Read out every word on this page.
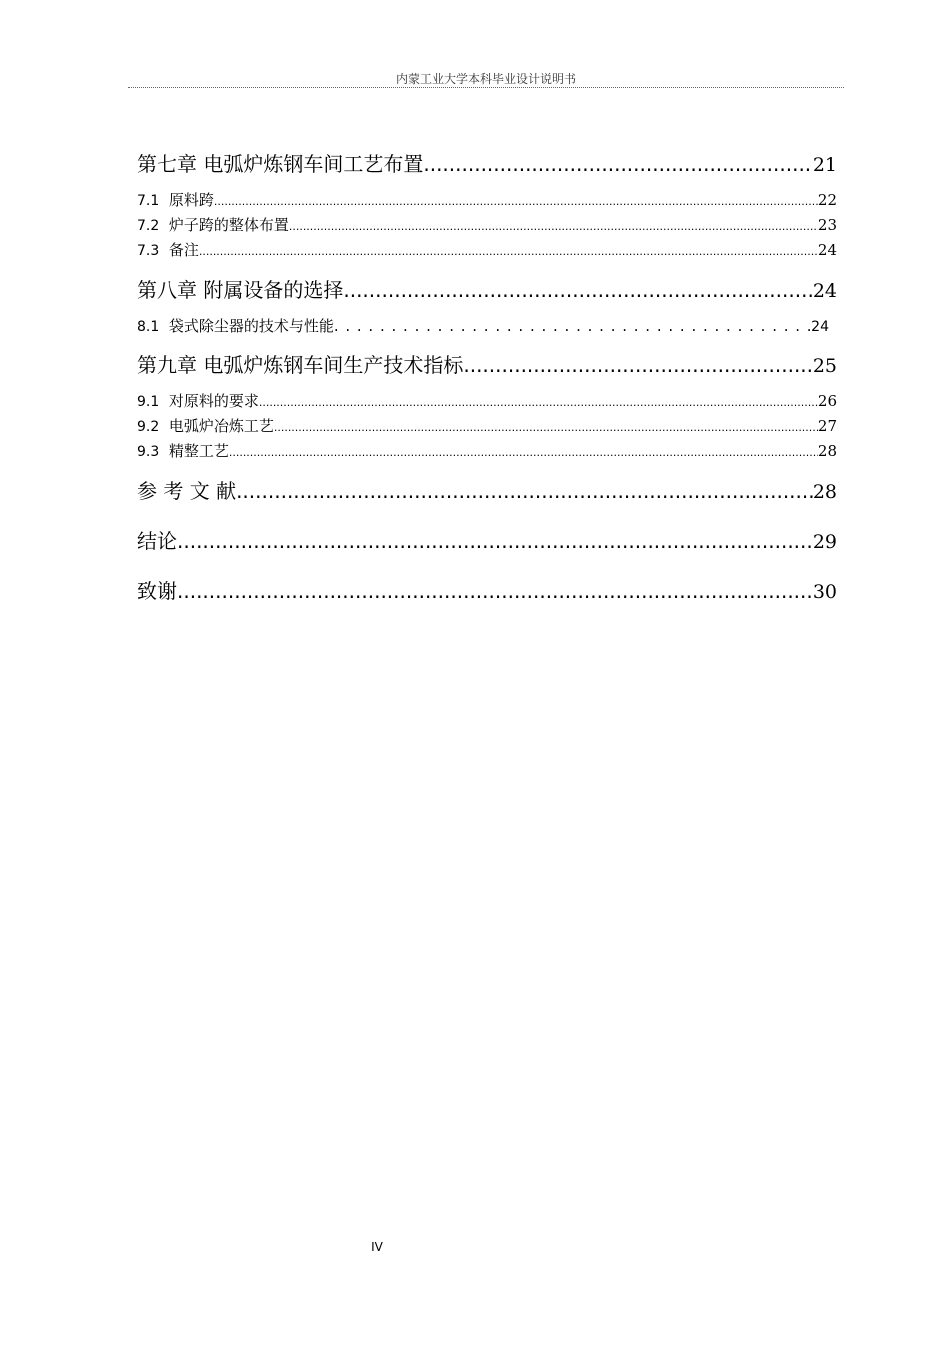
内蒙工业大学本科毕业设计说明书
第七章 电弧炉炼钢车间工艺布置 .....	21
7.1 原料跨 .....	22
7.2 炉子跨的整体布置 .....	23
7.3 备注 .....	24
第八章 附属设备的选择 .....	24
8.1 袋式除尘器的技术与性能 . . .	24
第九章 电弧炉炼钢车间生产技术指标 .....	25
9.1 对原料的要求 .....	26
9.2 电弧炉冶炼工艺 .....	27
9.3 精整工艺 .....	28
参 考 文 献 .....	28
结论 .....	29
致谢 .....	30
IV
